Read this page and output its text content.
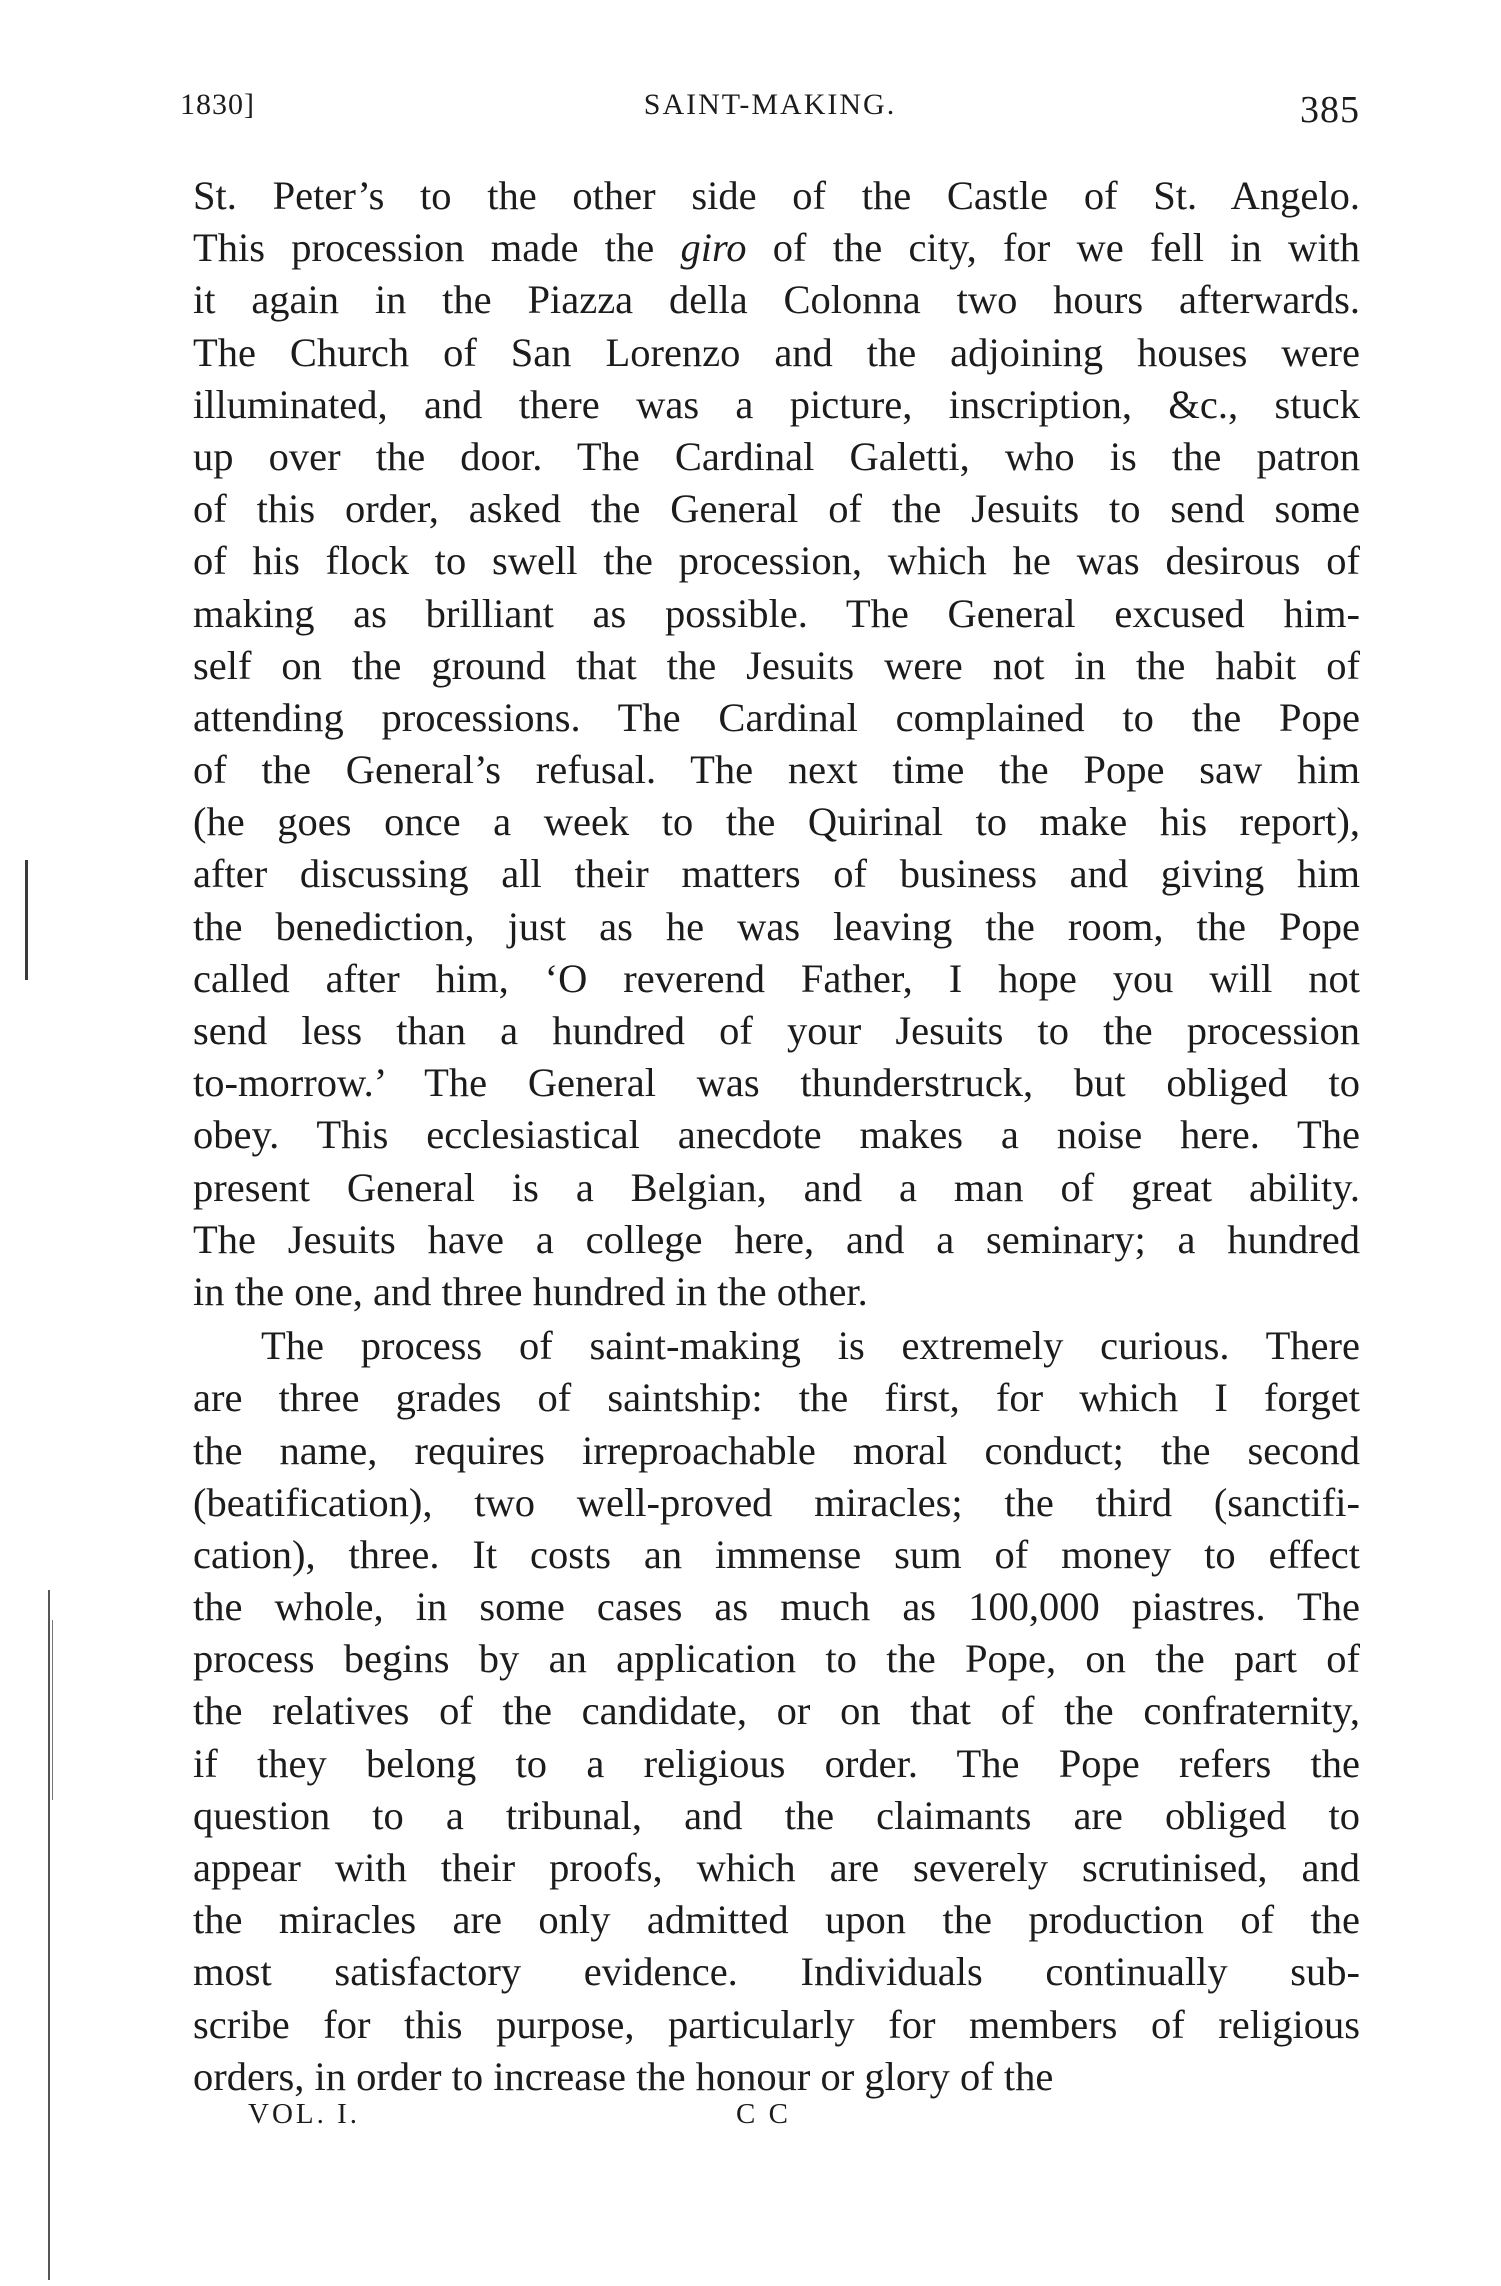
1830]	SAINT-MAKING.	385
St. Peter’s to the other side of the Castle of St. Angelo.
This procession made the giro of the city, for we fell in with
it again in the Piazza della Colonna two hours afterwards.
The Church of San Lorenzo and the adjoining houses were
illuminated, and there was a picture, inscription, &c., stuck
up over the door. The Cardinal Galetti, who is the patron
of this order, asked the General of the Jesuits to send some
of his flock to swell the procession, which he was desirous of
making as brilliant as possible. The General excused him-
self on the ground that the Jesuits were not in the habit of
attending processions. The Cardinal complained to the Pope
of the General’s refusal. The next time the Pope saw him
(he goes once a week to the Quirinal to make his report),
after discussing all their matters of business and giving him
the benediction, just as he was leaving the room, the Pope
called after him, ‘O reverend Father, I hope you will not
send less than a hundred of your Jesuits to the procession
to-morrow.’ The General was thunderstruck, but obliged to
obey. This ecclesiastical anecdote makes a noise here. The
present General is a Belgian, and a man of great ability.
The Jesuits have a college here, and a seminary; a hundred
in the one, and three hundred in the other.
The process of saint-making is extremely curious. There
are three grades of saintship: the first, for which I forget
the name, requires irreproachable moral conduct; the second
(beatification), two well-proved miracles; the third (sanctifi-
cation), three. It costs an immense sum of money to effect
the whole, in some cases as much as 100,000 piastres. The
process begins by an application to the Pope, on the part of
the relatives of the candidate, or on that of the confraternity,
if they belong to a religious order. The Pope refers the
question to a tribunal, and the claimants are obliged to
appear with their proofs, which are severely scrutinised, and
the miracles are only admitted upon the production of the
most satisfactory evidence. Individuals continually sub-
scribe for this purpose, particularly for members of religious
orders, in order to increase the honour or glory of the
VOL. I.	C C
